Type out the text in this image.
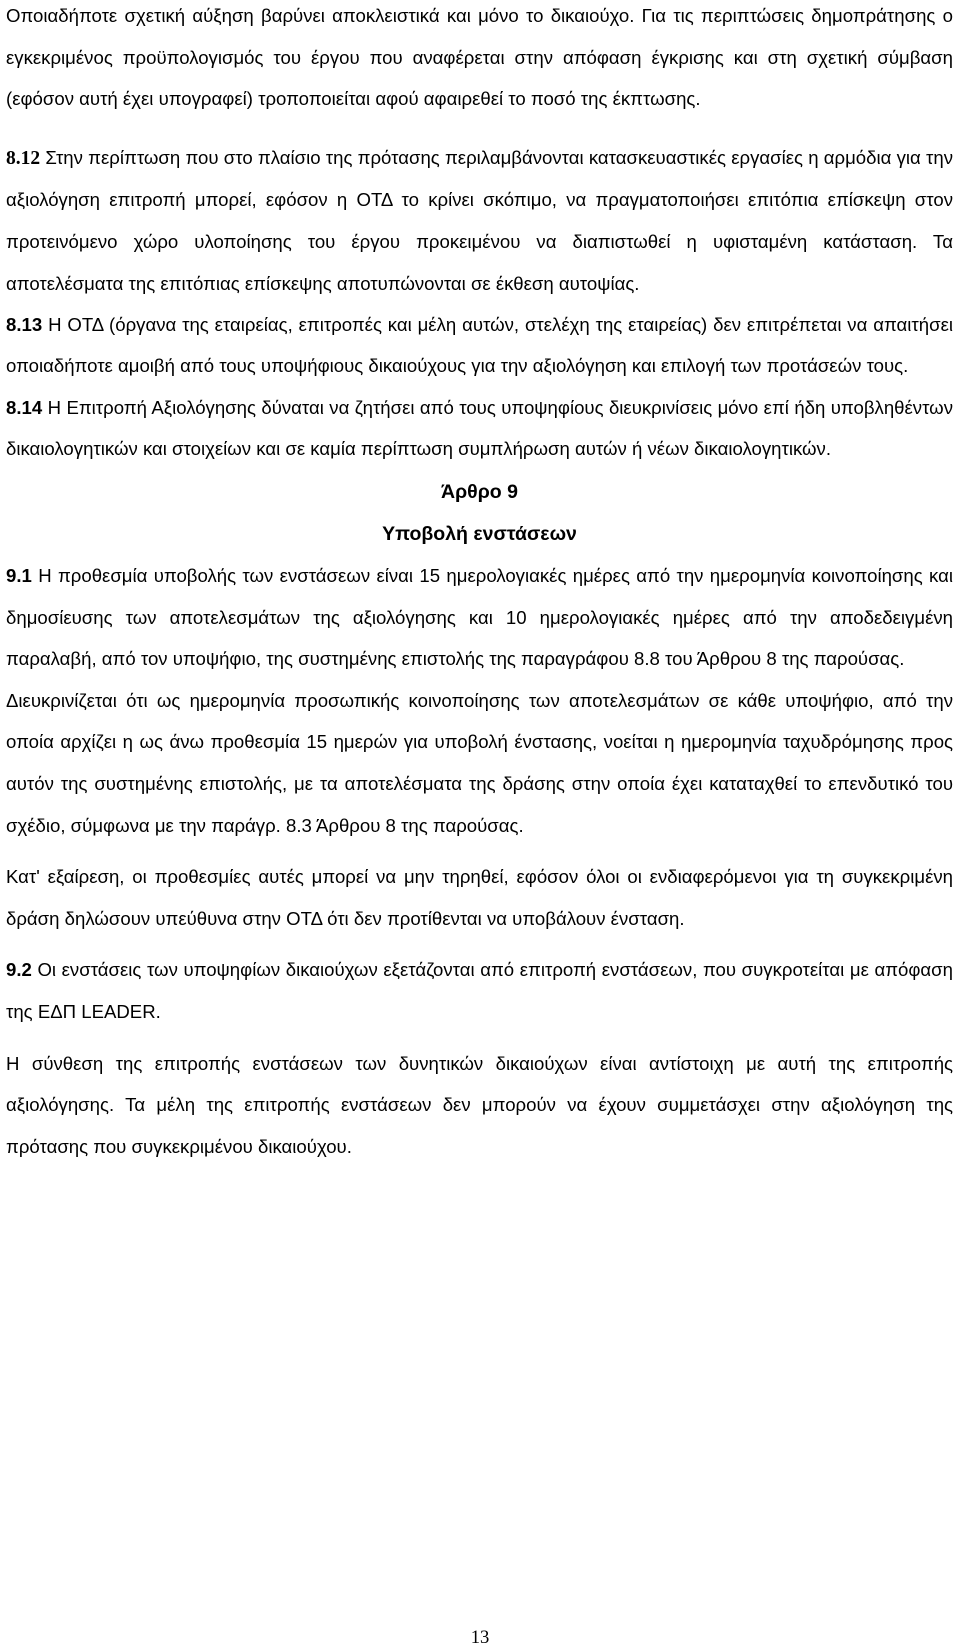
Οποιαδήποτε σχετική αύξηση βαρύνει αποκλειστικά και μόνο το δικαιούχο. Για τις περιπτώσεις δημοπράτησης ο εγκεκριμένος προϋπολογισμός του έργου που αναφέρεται στην απόφαση έγκρισης και στη σχετική σύμβαση (εφόσον αυτή έχει υπογραφεί) τροποποιείται αφού αφαιρεθεί το ποσό της έκπτωσης.

8.12 Στην περίπτωση που στο πλαίσιο της πρότασης περιλαμβάνονται κατασκευαστικές εργασίες η αρμόδια για την αξιολόγηση επιτροπή μπορεί, εφόσον η ΟΤΔ το κρίνει σκόπιμο, να πραγματοποιήσει επιτόπια επίσκεψη στον προτεινόμενο χώρο υλοποίησης του έργου προκειμένου να διαπιστωθεί η υφισταμένη κατάσταση. Τα αποτελέσματα της επιτόπιας επίσκεψης αποτυπώνονται σε έκθεση αυτοψίας.

8.13 Η ΟΤΔ (όργανα της εταιρείας, επιτροπές και μέλη αυτών, στελέχη της εταιρείας) δεν επιτρέπεται να απαιτήσει οποιαδήποτε αμοιβή από τους υποψήφιους δικαιούχους για την αξιολόγηση και επιλογή των προτάσεών τους.

8.14 Η Επιτροπή Αξιολόγησης δύναται να ζητήσει από τους υποψηφίους διευκρινίσεις μόνο επί ήδη υποβληθέντων δικαιολογητικών και στοιχείων και σε καμία περίπτωση συμπλήρωση αυτών ή νέων δικαιολογητικών.

Άρθρο 9
Υποβολή ενστάσεων

9.1 Η προθεσμία υποβολής των ενστάσεων είναι 15 ημερολογιακές ημέρες από την ημερομηνία κοινοποίησης και δημοσίευσης των αποτελεσμάτων της αξιολόγησης και 10 ημερολογιακές ημέρες από την αποδεδειγμένη παραλαβή, από τον υποψήφιο, της συστημένης επιστολής της παραγράφου 8.8 του Άρθρου 8 της παρούσας.

Διευκρινίζεται ότι ως ημερομηνία προσωπικής κοινοποίησης των αποτελεσμάτων σε κάθε υποψήφιο, από την οποία αρχίζει η ως άνω προθεσμία 15 ημερών για υποβολή ένστασης, νοείται η ημερομηνία ταχυδρόμησης προς αυτόν της συστημένης επιστολής, με τα αποτελέσματα της δράσης στην οποία έχει καταταχθεί το επενδυτικό του σχέδιο, σύμφωνα με την παράγρ. 8.3 Άρθρου 8 της παρούσας.

Κατ' εξαίρεση, οι προθεσμίες αυτές μπορεί να μην τηρηθεί, εφόσον όλοι οι ενδιαφερόμενοι για τη συγκεκριμένη δράση δηλώσουν υπεύθυνα στην ΟΤΔ ότι δεν προτίθενται να υποβάλουν ένσταση.

9.2 Οι ενστάσεις των υποψηφίων δικαιούχων εξετάζονται από επιτροπή ενστάσεων, που συγκροτείται με απόφαση της ΕΔΠ LEADER.

Η σύνθεση της επιτροπής ενστάσεων των δυνητικών δικαιούχων είναι αντίστοιχη με αυτή της επιτροπής αξιολόγησης. Τα μέλη της επιτροπής ενστάσεων δεν μπορούν να έχουν συμμετάσχει στην αξιολόγηση της πρότασης που συγκεκριμένου δικαιούχου.

13
